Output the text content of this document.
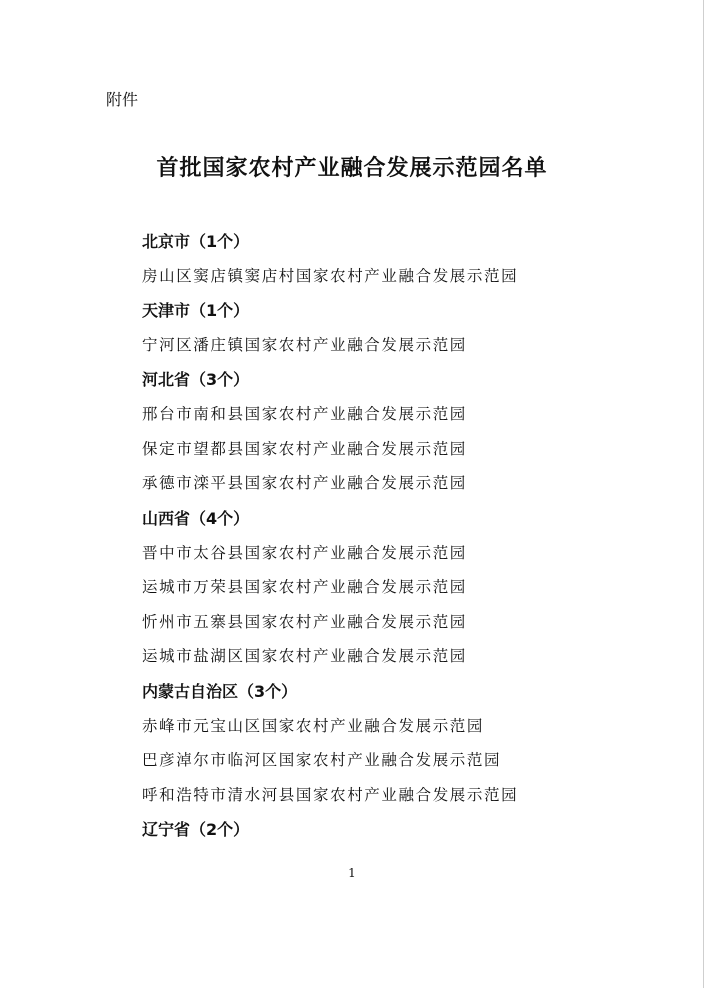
附件
首批国家农村产业融合发展示范园名单
北京市（1个）
房山区窦店镇窦店村国家农村产业融合发展示范园
天津市（1个）
宁河区潘庄镇国家农村产业融合发展示范园
河北省（3个）
邢台市南和县国家农村产业融合发展示范园
保定市望都县国家农村产业融合发展示范园
承德市滦平县国家农村产业融合发展示范园
山西省（4个）
晋中市太谷县国家农村产业融合发展示范园
运城市万荣县国家农村产业融合发展示范园
忻州市五寨县国家农村产业融合发展示范园
运城市盐湖区国家农村产业融合发展示范园
内蒙古自治区（3个）
赤峰市元宝山区国家农村产业融合发展示范园
巴彦淖尔市临河区国家农村产业融合发展示范园
呼和浩特市清水河县国家农村产业融合发展示范园
辽宁省（2个）
1
